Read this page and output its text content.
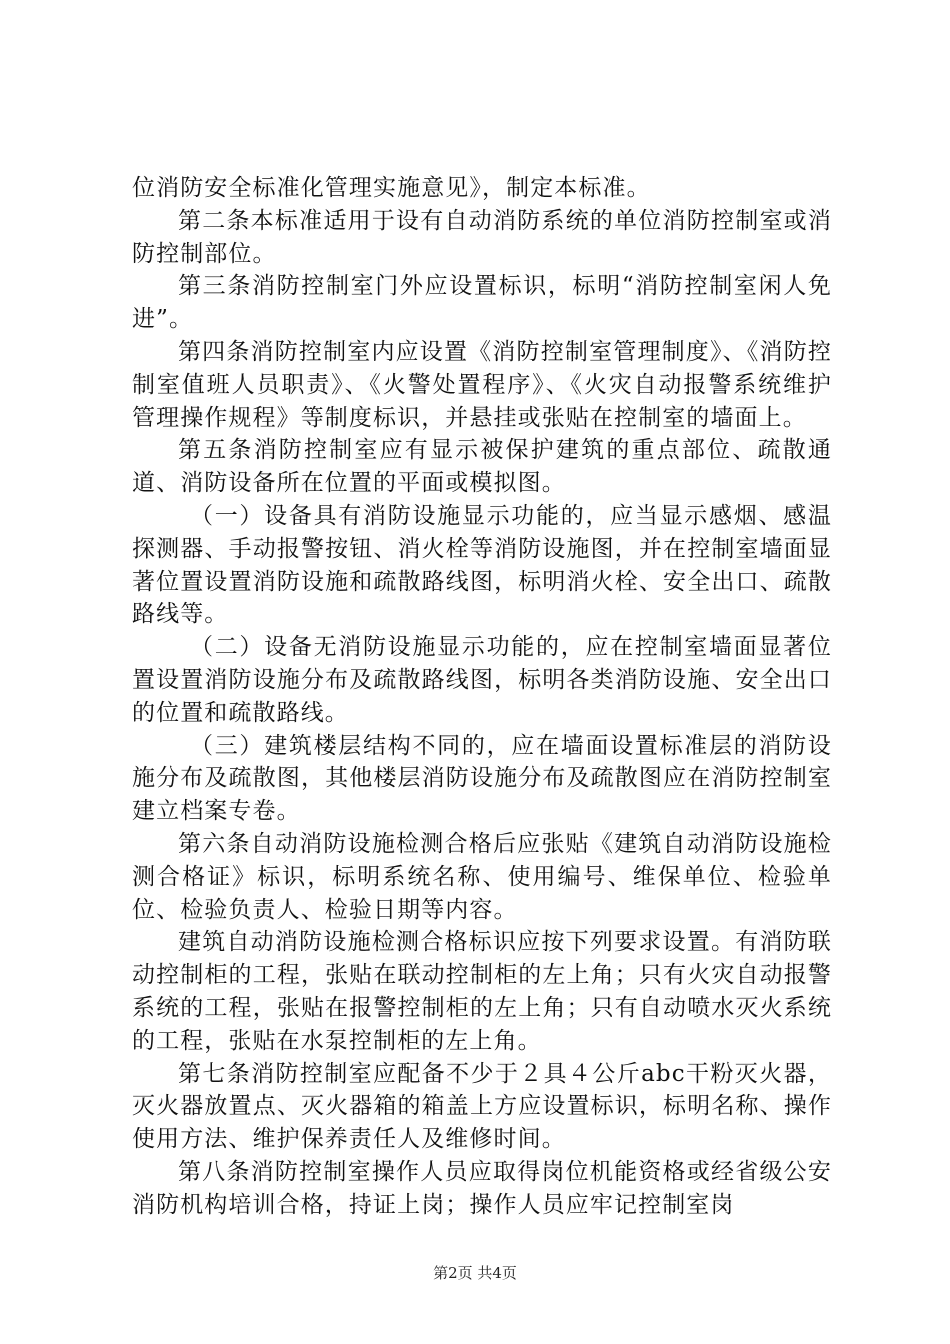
位消防安全标准化管理实施意见》，制定本标准。

第二条本标准适用于设有自动消防系统的单位消防控制室或消防控制部位。

第三条消防控制室门外应设置标识，标明“消防控制室闲人免进”。

第四条消防控制室内应设置《消防控制室管理制度》、《消防控制室值班人员职责》、《火警处置程序》、《火灾自动报警系统维护管理操作规程》等制度标识，并悬挂或张贴在控制室的墙面上。

第五条消防控制室应有显示被保护建筑的重点部位、疏散通道、消防设备所在位置的平面或模拟图。

（一）设备具有消防设施显示功能的，应当显示感烟、感温探测器、手动报警按钮、消火栓等消防设施图，并在控制室墙面显著位置设置消防设施和疏散路线图，标明消火栓、安全出口、疏散路线等。

（二）设备无消防设施显示功能的，应在控制室墙面显著位置设置消防设施分布及疏散路线图，标明各类消防设施、安全出口的位置和疏散路线。

（三）建筑楼层结构不同的，应在墙面设置标准层的消防设施分布及疏散图，其他楼层消防设施分布及疏散图应在消防控制室建立档案专卷。

第六条自动消防设施检测合格后应张贴《建筑自动消防设施检测合格证》标识，标明系统名称、使用编号、维保单位、检验单位、检验负责人、检验日期等内容。

建筑自动消防设施检测合格标识应按下列要求设置。有消防联动控制柜的工程，张贴在联动控制柜的左上角；只有火灾自动报警系统的工程，张贴在报警控制柜的左上角；只有自动喷水灭火系统的工程，张贴在水泵控制柜的左上角。

第七条消防控制室应配备不少于２具４公斤abc干粉灭火器，灭火器放置点、灭火器箱的箱盖上方应设置标识，标明名称、操作使用方法、维护保养责任人及维修时间。

第八条消防控制室操作人员应取得岗位机能资格或经省级公安消防机构培训合格，持证上岗；操作人员应牢记控制室岗

第2页 共4页
